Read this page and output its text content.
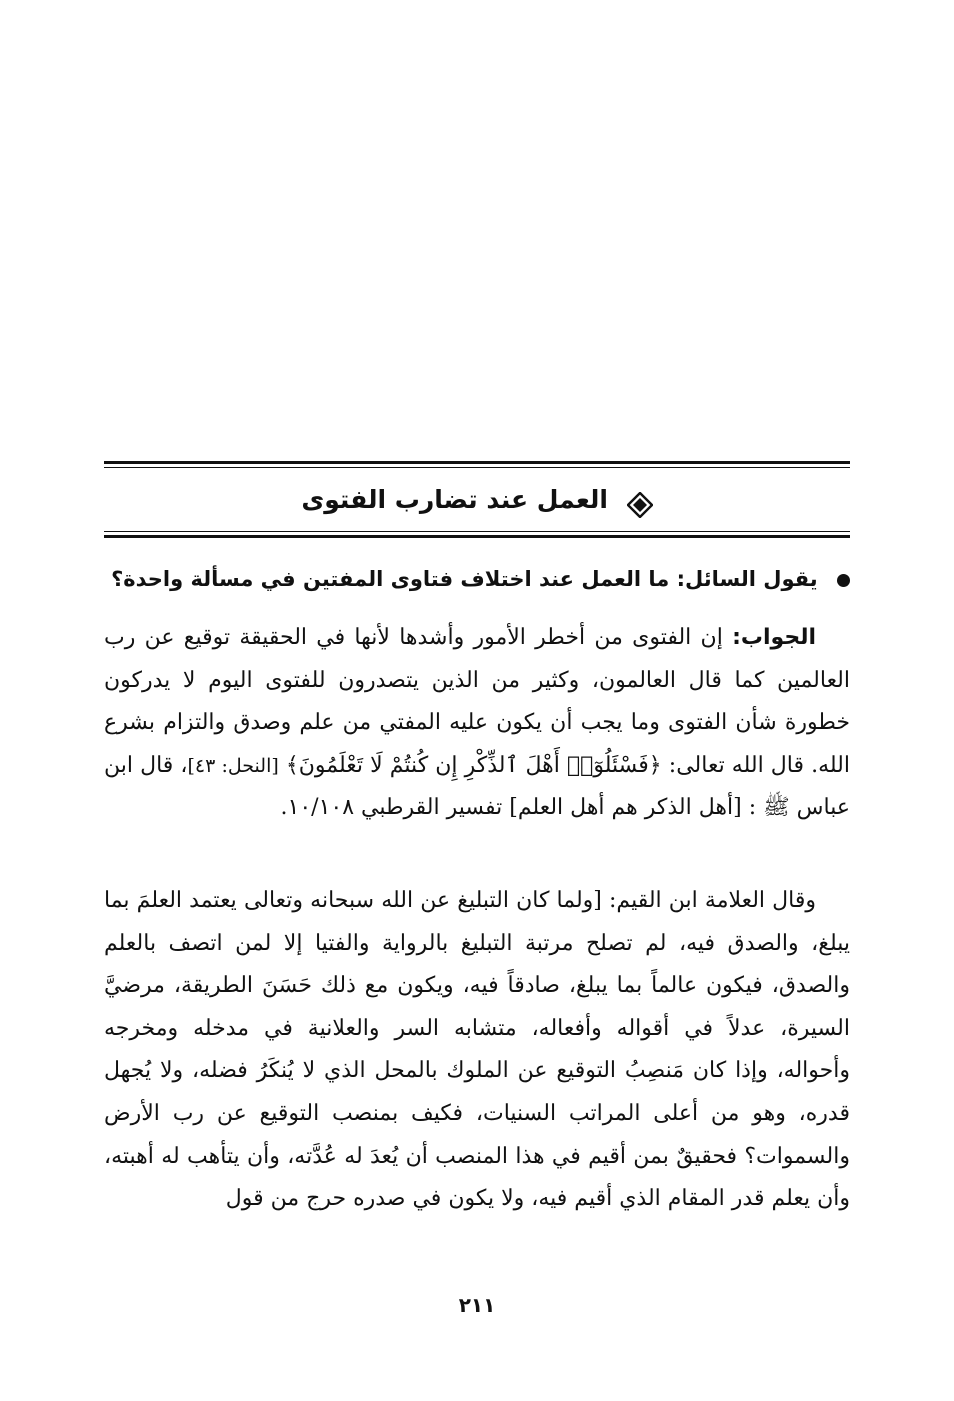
العمل عند تضارب الفتوى
يقول السائل: ما العمل عند اختلاف فتاوى المفتين في مسألة واحدة؟
الجواب: إن الفتوى من أخطر الأمور وأشدها لأنها في الحقيقة توقيع عن رب العالمين كما قال العالمون، وكثير من الذين يتصدرون للفتوى اليوم لا يدركون خطورة شأن الفتوى وما يجب أن يكون عليه المفتي من علم وصدق والتزام بشرع الله. قال الله تعالى: ﴿فَسْئَلُوٓا۟ أَهْلَ ٱلذِّكْرِ إِن كُنتُمْ لَا تَعْلَمُونَ﴾ [النحل: ٤٣]، قال ابن عباس ﷺ : [أهل الذكر هم أهل العلم] تفسير القرطبي ١٠/١٠٨.
وقال العلامة ابن القيم: [ولما كان التبليغ عن الله سبحانه وتعالى يعتمد العلمَ بما يبلغ، والصدق فيه، لم تصلح مرتبة التبليغ بالرواية والفتيا إلا لمن اتصف بالعلم والصدق، فيكون عالماً بما يبلغ، صادقاً فيه، ويكون مع ذلك حَسَنَ الطريقة، مرضيَّ السيرة، عدلاً في أقواله وأفعاله، متشابه السر والعلانية في مدخله ومخرجه وأحواله، وإذا كان مَنصِبُ التوقيع عن الملوك بالمحل الذي لا يُنكَرُ فضله، ولا يُجهل قدره، وهو من أعلى المراتب السنيات، فكيف بمنصب التوقيع عن رب الأرض والسموات؟ فحقيقٌ بمن أقيم في هذا المنصب أن يُعدَ له عُدَّته، وأن يتأهب له أهبته، وأن يعلم قدر المقام الذي أقيم فيه، ولا يكون في صدره حرج من قول
٢١١
